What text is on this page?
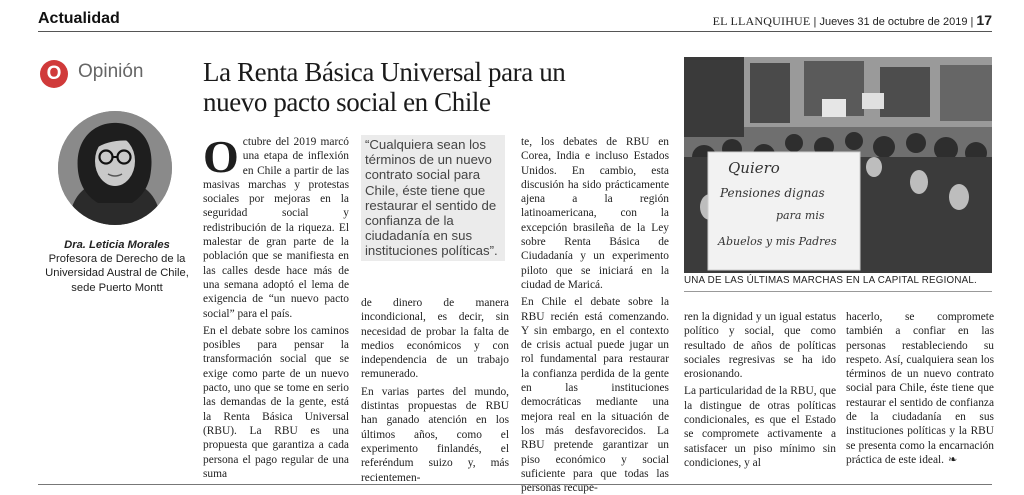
Actualidad	EL LLANQUIHUE | Jueves 31 de octubre de 2019 | 17
O Opinión
Dra. Leticia Morales
Profesora de Derecho de la Universidad Austral de Chile, sede Puerto Montt
La Renta Básica Universal para un nuevo pacto social en Chile

Octubre del 2019 marcó una etapa de inflexión en Chile a partir de las masivas marchas y protestas sociales por mejoras en la seguridad social y redistribución de la riqueza. El malestar de gran parte de la población que se manifiesta en las calles desde hace más de una semana adoptó el lema de exigencia de “un nuevo pacto social” para el país.

En el debate sobre los caminos posibles para pensar la transformación social que se exige como parte de un nuevo pacto, uno que se tome en serio las demandas de la gente, está la Renta Básica Universal (RBU). La RBU es una propuesta que garantiza a cada persona el pago regular de una suma

“Cualquiera sean los términos de un nuevo contrato social para Chile, éste tiene que restaurar el sentido de confianza de la ciudadanía en sus instituciones políticas”.

de dinero de manera incondicional, es decir, sin necesidad de probar la falta de medios económicos y con independencia de un trabajo remunerado.

En varias partes del mundo, distintas propuestas de RBU han ganado atención en los últimos años, como el experimento finlandés, el referéndum suizo y, más recientemen-

te, los debates de RBU en Corea, India e incluso Estados Unidos. En cambio, esta discusión ha sido prácticamente ajena a la región latinoamericana, con la excepción brasileña de la Ley sobre Renta Básica de Ciudadanía y un experimento piloto que se iniciará en la ciudad de Maricá.

En Chile el debate sobre la RBU recién está comenzando. Y sin embargo, en el contexto de crisis actual puede jugar un rol fundamental para restaurar la confianza perdida de la gente en las instituciones democráticas mediante una mejora real en la situación de los más desfavorecidos. La RBU pretende garantizar un piso económico y social suficiente para que todas las personas recupe-

Quiero
Pensiones dignas
para mis
Abuelos y mis Padres
UNA DE LAS ÚLTIMAS MARCHAS EN LA CAPITAL REGIONAL.

ren la dignidad y un igual estatus político y social, que como resultado de años de políticas sociales regresivas se ha ido erosionando.

La particularidad de la RBU, que la distingue de otras políticas condicionales, es que el Estado se compromete activamente a satisfacer un piso mínimo sin condiciones, y al

hacerlo, se compromete también a confiar en las personas restableciendo su respeto. Así, cualquiera sean los términos de un nuevo contrato social para Chile, éste tiene que restaurar el sentido de confianza de la ciudadanía en sus instituciones políticas y la RBU se presenta como la encarnación práctica de este ideal. ❧
